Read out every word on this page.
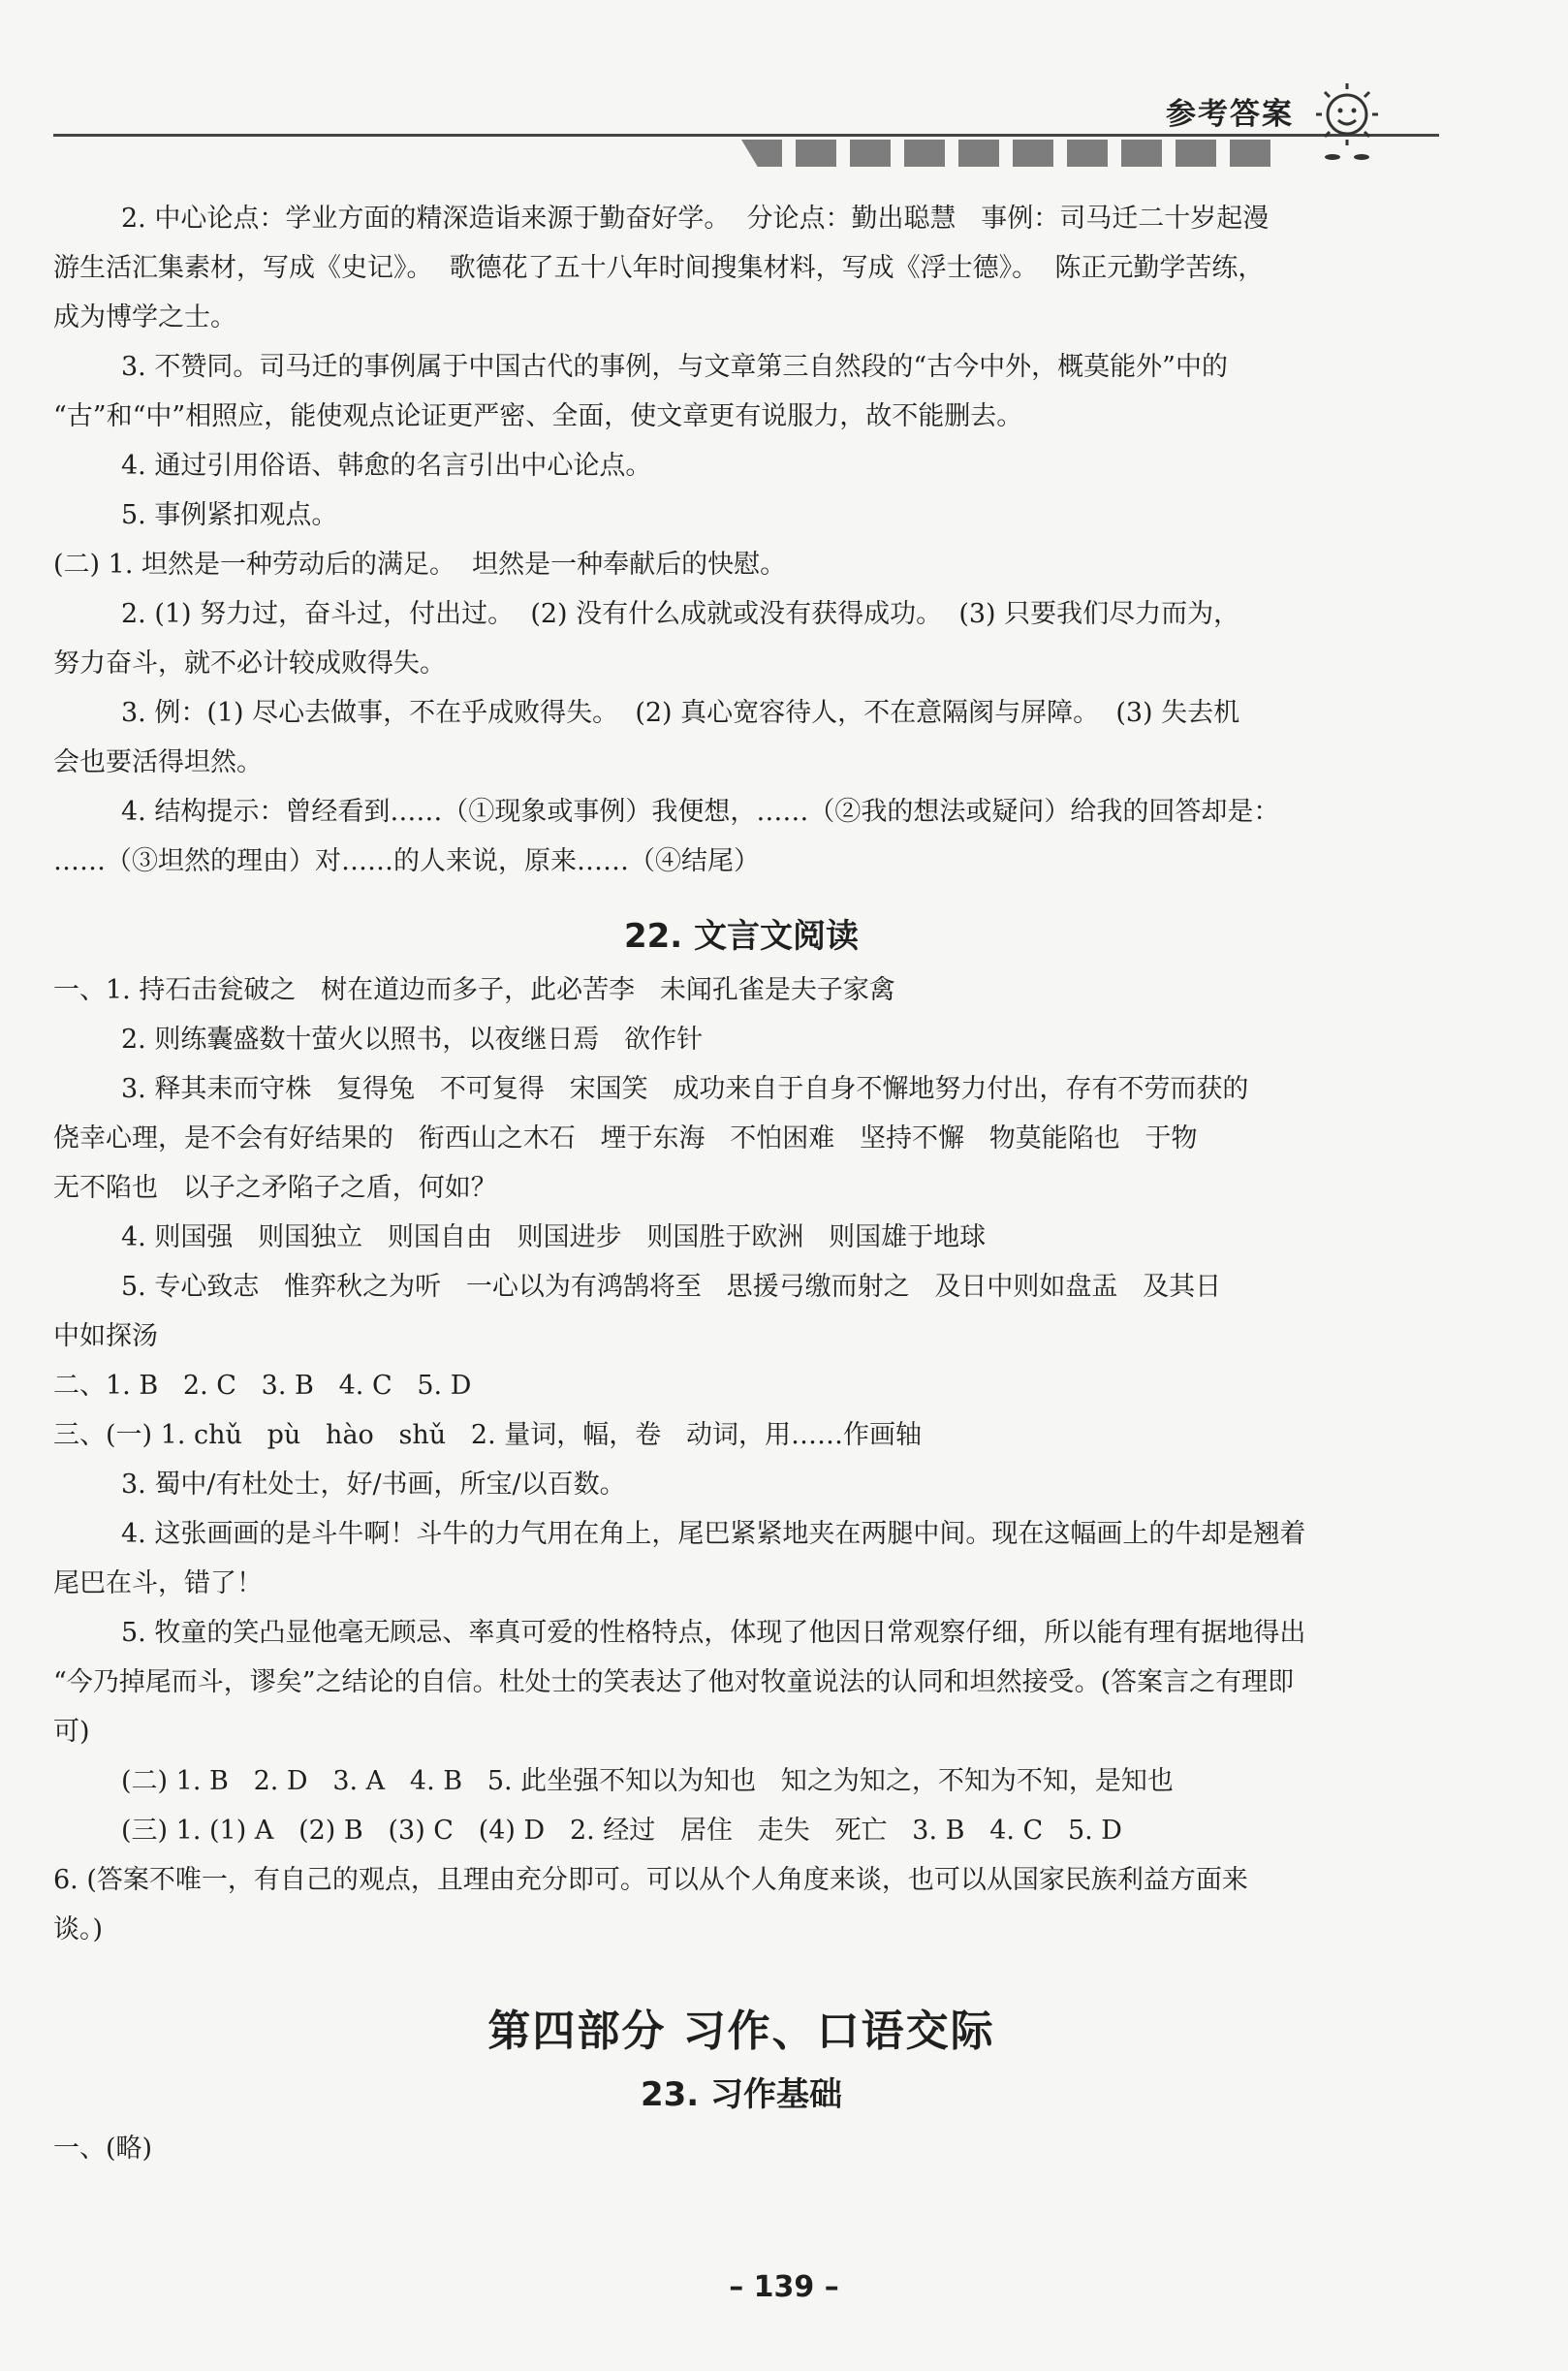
参考答案
2. 中心论点：学业方面的精深造诣来源于勤奋好学。  分论点：勤出聪慧   事例：司马迁二十岁起漫
游生活汇集素材，写成《史记》。  歌德花了五十八年时间搜集材料，写成《浮士德》。  陈正元勤学苦练，
成为博学之士。
3. 不赞同。司马迁的事例属于中国古代的事例，与文章第三自然段的“古今中外，概莫能外”中的
“古”和“中”相照应，能使观点论证更严密、全面，使文章更有说服力，故不能删去。
4. 通过引用俗语、韩愈的名言引出中心论点。
5. 事例紧扣观点。
(二) 1. 坦然是一种劳动后的满足。  坦然是一种奉献后的快慰。
2. (1) 努力过，奋斗过，付出过。  (2) 没有什么成就或没有获得成功。  (3) 只要我们尽力而为，
努力奋斗，就不必计较成败得失。
3. 例：(1) 尽心去做事，不在乎成败得失。  (2) 真心宽容待人，不在意隔阂与屏障。  (3) 失去机
会也要活得坦然。
4. 结构提示：曾经看到……（①现象或事例）我便想，……（②我的想法或疑问）给我的回答却是：
……（③坦然的理由）对……的人来说，原来……（④结尾）
22. 文言文阅读
一、1. 持石击瓮破之   树在道边而多子，此必苦李   未闻孔雀是夫子家禽
2. 则练囊盛数十萤火以照书，以夜继日焉   欲作针
3. 释其耒而守株   复得兔   不可复得   宋国笑   成功来自于自身不懈地努力付出，存有不劳而获的
侥幸心理，是不会有好结果的   衔西山之木石   堙于东海   不怕困难   坚持不懈   物莫能陷也   于物
无不陷也   以子之矛陷子之盾，何如？
4. 则国强   则国独立   则国自由   则国进步   则国胜于欧洲   则国雄于地球
5. 专心致志   惟弈秋之为听   一心以为有鸿鹄将至   思援弓缴而射之   及日中则如盘盂   及其日
中如探汤
二、1. B   2. C   3. B   4. C   5. D
三、(一) 1. chǔ   pù   hào   shǔ   2. 量词，幅，卷   动词，用……作画轴
3. 蜀中/有杜处士，好/书画，所宝/以百数。
4. 这张画画的是斗牛啊！斗牛的力气用在角上，尾巴紧紧地夹在两腿中间。现在这幅画上的牛却是翘着
尾巴在斗，错了！
5. 牧童的笑凸显他毫无顾忌、率真可爱的性格特点，体现了他因日常观察仔细，所以能有理有据地得出
“今乃掉尾而斗，谬矣”之结论的自信。杜处士的笑表达了他对牧童说法的认同和坦然接受。(答案言之有理即
可)
(二) 1. B   2. D   3. A   4. B   5. 此坐强不知以为知也   知之为知之，不知为不知，是知也
(三) 1. (1) A   (2) B   (3) C   (4) D   2. 经过   居住   走失   死亡   3. B   4. C   5. D
6. (答案不唯一，有自己的观点，且理由充分即可。可以从个人角度来谈，也可以从国家民族利益方面来
谈。)
第四部分 习作、口语交际
23. 习作基础
一、(略)
– 139 –
